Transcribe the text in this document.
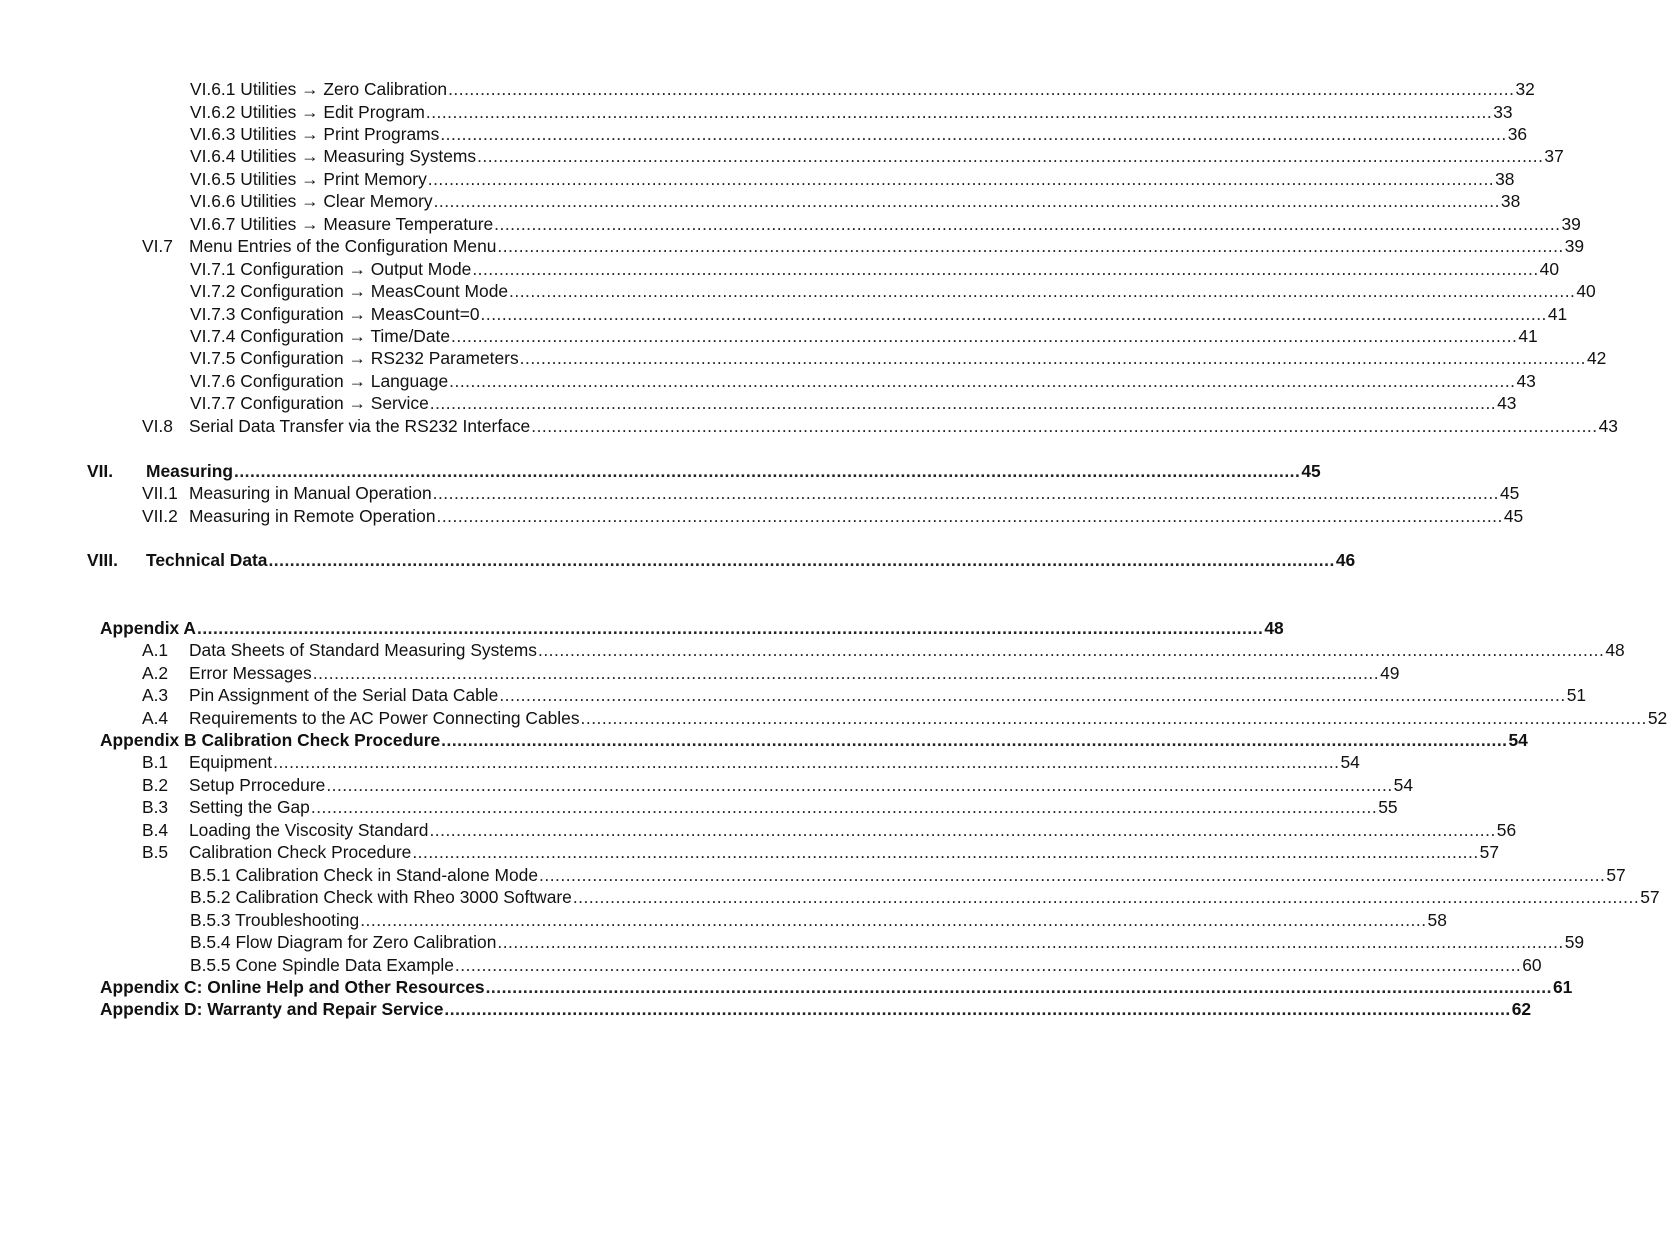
VI.6.1 Utilities → Zero Calibration ........................................................................................................................................................................................................ 32
VI.6.2 Utilities → Edit Program ........................................................................................................................................................................................................ 33
VI.6.3 Utilities → Print Programs ........................................................................................................................................................................................................ 36
VI.6.4 Utilities → Measuring Systems ........................................................................................................................................................................................................ 37
VI.6.5 Utilities → Print Memory ........................................................................................................................................................................................................ 38
VI.6.6 Utilities → Clear Memory ........................................................................................................................................................................................................ 38
VI.6.7 Utilities → Measure Temperature ........................................................................................................................................................................................................ 39
VI.7 Menu Entries of the Configuration Menu ........................................................................................................................................................................................................ 39
VI.7.1 Configuration → Output Mode ........................................................................................................................................................................................................ 40
VI.7.2 Configuration → MeasCount Mode ........................................................................................................................................................................................................ 40
VI.7.3 Configuration → MeasCount=0 ........................................................................................................................................................................................................ 41
VI.7.4 Configuration → Time/Date ........................................................................................................................................................................................................ 41
VI.7.5 Configuration → RS232 Parameters ........................................................................................................................................................................................................ 42
VI.7.6 Configuration → Language ........................................................................................................................................................................................................ 43
VI.7.7 Configuration → Service ........................................................................................................................................................................................................ 43
VI.8 Serial Data Transfer via the RS232 Interface ........................................................................................................................................................................................................ 43
VII.	Measuring ........................................................................................................................................................................................................ 45
VII.1 Measuring in Manual Operation ........................................................................................................................................................................................................ 45
VII.2 Measuring in Remote Operation ........................................................................................................................................................................................................ 45
VIII.	Technical Data ........................................................................................................................................................................................................ 46
Appendix A ........................................................................................................................................................................................................ 48
A.1	Data Sheets of Standard Measuring Systems ........................................................................................................................................................................................................ 48
A.2	Error Messages ........................................................................................................................................................................................................ 49
A.3	Pin Assignment of the Serial Data Cable ........................................................................................................................................................................................................ 51
A.4	Requirements to the AC Power Connecting Cables ........................................................................................................................................................................................................ 52
Appendix B Calibration Check Procedure ........................................................................................................................................................................................................ 54
B.1	Equipment ........................................................................................................................................................................................................ 54
B.2	Setup Prrocedure ........................................................................................................................................................................................................ 54
B.3	Setting the Gap ........................................................................................................................................................................................................ 55
B.4	Loading the Viscosity Standard ........................................................................................................................................................................................................ 56
B.5	Calibration Check Procedure ........................................................................................................................................................................................................ 57
B.5.1 Calibration Check in Stand-alone Mode ........................................................................................................................................................................................................ 57
B.5.2 Calibration Check with Rheo 3000 Software ........................................................................................................................................................................................................ 57
B.5.3 Troubleshooting ........................................................................................................................................................................................................ 58
B.5.4 Flow Diagram for Zero Calibration ........................................................................................................................................................................................................ 59
B.5.5 Cone Spindle Data Example ........................................................................................................................................................................................................ 60
Appendix C: Online Help and Other Resources ........................................................................................................................................................................................................ 61
Appendix D: Warranty and Repair Service ........................................................................................................................................................................................................ 62
